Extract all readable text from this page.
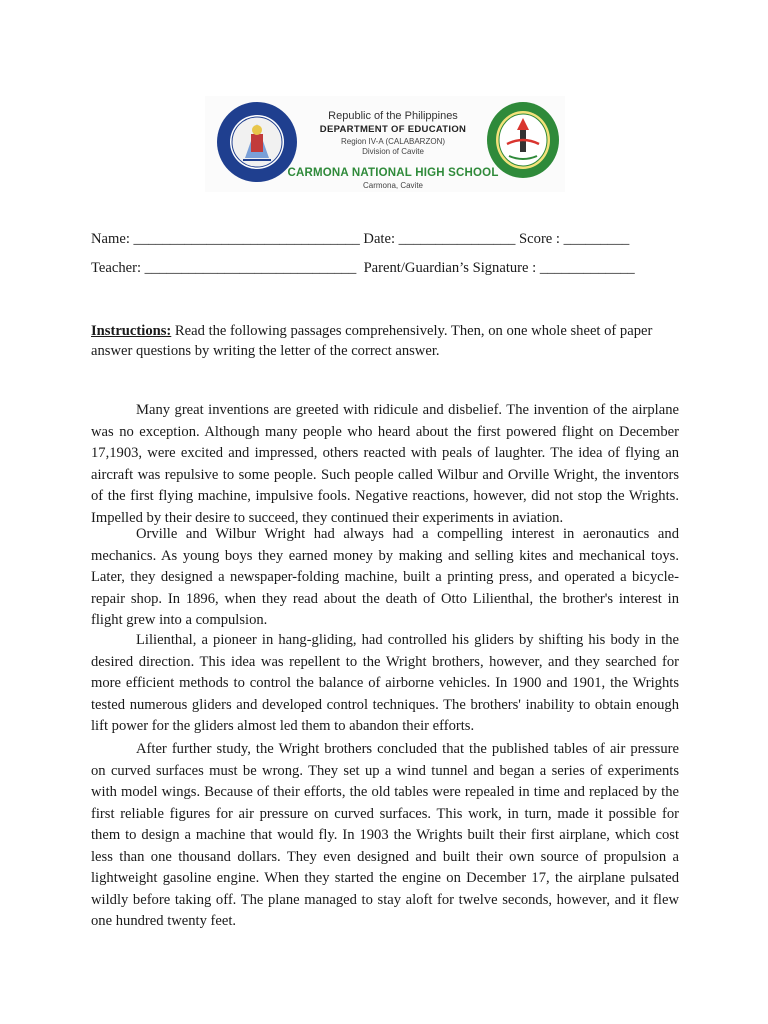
Republic of the Philippines
DEPARTMENT OF EDUCATION
Region IV-A (CALABARZON)
Division of Cavite
CARMONA NATIONAL HIGH SCHOOL
Carmona, Cavite
Name: _______________________________ Date: ________________ Score : _________
Teacher: _____________________________  Parent/Guardian’s Signature : _____________
Instructions: Read the following passages comprehensively. Then, on one whole sheet of paper answer questions by writing the letter of the correct answer.

Many great inventions are greeted with ridicule and disbelief. The invention of the airplane was no exception. Although many people who heard about the first powered flight on December 17,1903, were excited and impressed, others reacted with peals of laughter. The idea of flying an aircraft was repulsive to some people. Such people called Wilbur and Orville Wright, the inventors of the first flying machine, impulsive fools. Negative reactions, however, did not stop the Wrights. Impelled by their desire to succeed, they continued their experiments in aviation.

Orville and Wilbur Wright had always had a compelling interest in aeronautics and mechanics. As young boys they earned money by making and selling kites and mechanical toys. Later, they designed a newspaper-folding machine, built a printing press, and operated a bicycle-repair shop. In 1896, when they read about the death of Otto Lilienthal, the brother's interest in flight grew into a compulsion.

Lilienthal, a pioneer in hang-gliding, had controlled his gliders by shifting his body in the desired direction. This idea was repellent to the Wright brothers, however, and they searched for more efficient methods to control the balance of airborne vehicles. In 1900 and 1901, the Wrights tested numerous gliders and developed control techniques. The brothers' inability to obtain enough lift power for the gliders almost led them to abandon their efforts.

After further study, the Wright brothers concluded that the published tables of air pressure on curved surfaces must be wrong. They set up a wind tunnel and began a series of experiments with model wings. Because of their efforts, the old tables were repealed in time and replaced by the first reliable figures for air pressure on curved surfaces. This work, in turn, made it possible for them to design a machine that would fly. In 1903 the Wrights built their first airplane, which cost less than one thousand dollars. They even designed and built their own source of propulsion a lightweight gasoline engine. When they started the engine on December 17, the airplane pulsated wildly before taking off. The plane managed to stay aloft for twelve seconds, however, and it flew one hundred twenty feet.
